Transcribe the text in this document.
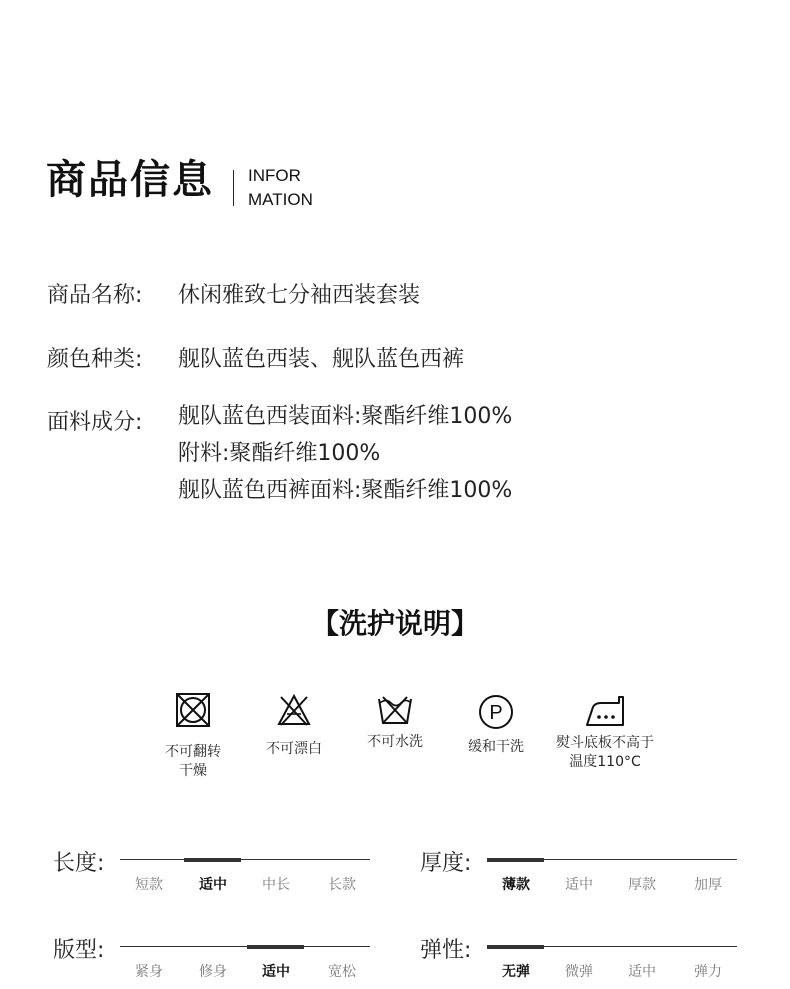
商品信息 INFOR
MATION
商品名称: 休闲雅致七分袖西装套装
颜色种类: 舰队蓝色西装、舰队蓝色西裤
面料成分: 舰队蓝色西装面料:聚酯纤维100%
附料:聚酯纤维100%
舰队蓝色西裤面料:聚酯纤维100%
【洗护说明】
不可翻转
干燥
不可漂白	不可水洗
P
缓和干洗	熨斗底板不高于
温度110°C
长度:
短款	适中	中长	长款
厚度:
薄款	适中	厚款	加厚
版型:
紧身	修身	适中	宽松
弹性:
无弹	微弹	适中	弹力
